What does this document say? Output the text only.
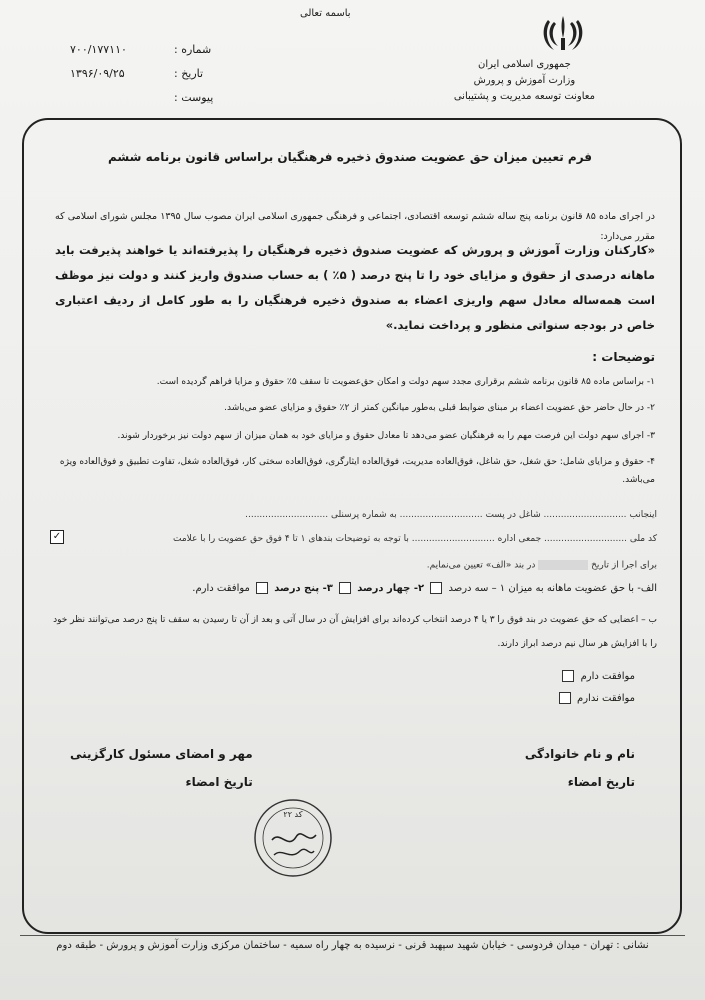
باسمه تعالی
جمهوری اسلامی ایران
وزارت آموزش و پرورش
معاونت توسعه مدیریت و پشتیبانی
شماره :
۷۰۰/۱۷۷۱۱۰
تاریخ :
۱۳۹۶/۰۹/۲۵
پیوست :
فرم تعیین میزان حق عضویت صندوق ذخیره فرهنگیان براساس قانون برنامه ششم
در اجرای ماده ۸۵ قانون برنامه پنج ساله ششم توسعه اقتصادی، اجتماعی و فرهنگی جمهوری اسلامی ایران مصوب سال ۱۳۹۵ مجلس شورای اسلامی که مقرر می‌دارد:
«کارکنان وزارت آموزش و پرورش که عضویت صندوق ذخیره فرهنگیان را پذیرفته‌اند یا خواهند پذیرفت باید ماهانه درصدی از حقوق و مزایای خود را تا پنج درصد ( ۵٪ ) به حساب صندوق واریز کنند و دولت نیز موظف است همه‌ساله معادل سهم واریزی اعضاء به صندوق ذخیره فرهنگیان را به طور کامل از ردیف اعتباری خاص در بودجه سنواتی منظور و پرداخت نماید.»
توضیحات :
۱- براساس ماده ۸۵ قانون برنامه ششم برقراری مجدد سهم دولت و امکان حق‌عضویت تا سقف ۵٪ حقوق و مزایا فراهم گردیده است.
۲- در حال حاضر حق عضویت اعضاء بر مبنای ضوابط قبلی به‌طور میانگین کمتر از ۲٪ حقوق و مزایای عضو می‌باشد.
۳- اجرای سهم دولت این فرصت مهم را به فرهنگیان عضو می‌دهد تا معادل حقوق و مزایای خود به همان میزان از سهم دولت نیز برخوردار شوند.
۴- حقوق و مزایای شامل: حق شغل، حق شاغل، فوق‌العاده مدیریت، فوق‌العاده ایثارگری، فوق‌العاده سختی کار، فوق‌العاده شغل، تفاوت تطبیق و فوق‌العاده ویژه می‌باشد.
اینجانب ............................. شاغل در پست ............................. به شماره پرسنلی .............................
کد ملی ............................. جمعی اداره ............................. با توجه به توضیحات بندهای ۱ تا ۴ فوق حق عضویت را با علامت
✓
برای اجرا از تاریخ  در بند «الف» تعیین می‌نمایم.
الف- با حق عضویت ماهانه به میزان ۱ – سه درصد  ۲- چهار درصد  ۳- پنج درصد  موافقت دارم.
ب – اعضایی که حق عضویت در بند فوق را ۳ یا ۴ درصد انتخاب کرده‌اند برای افزایش آن در سال آتی و بعد از آن تا رسیدن به سقف تا پنج درصد می‌توانند نظر خود را با افزایش هر سال نیم درصد ابراز دارند.
موافقت دارم
موافقت ندارم
نام و نام خانوادگی
تاریخ امضاء
مهر و امضای مسئول کارگزینی
تاریخ امضاء
کد ۲۲
نشانی : تهران - میدان فردوسی - خیابان شهید سپهبد قرنی - نرسیده به چهار راه سمیه - ساختمان مرکزی وزارت آموزش و پرورش - طبقه دوم
